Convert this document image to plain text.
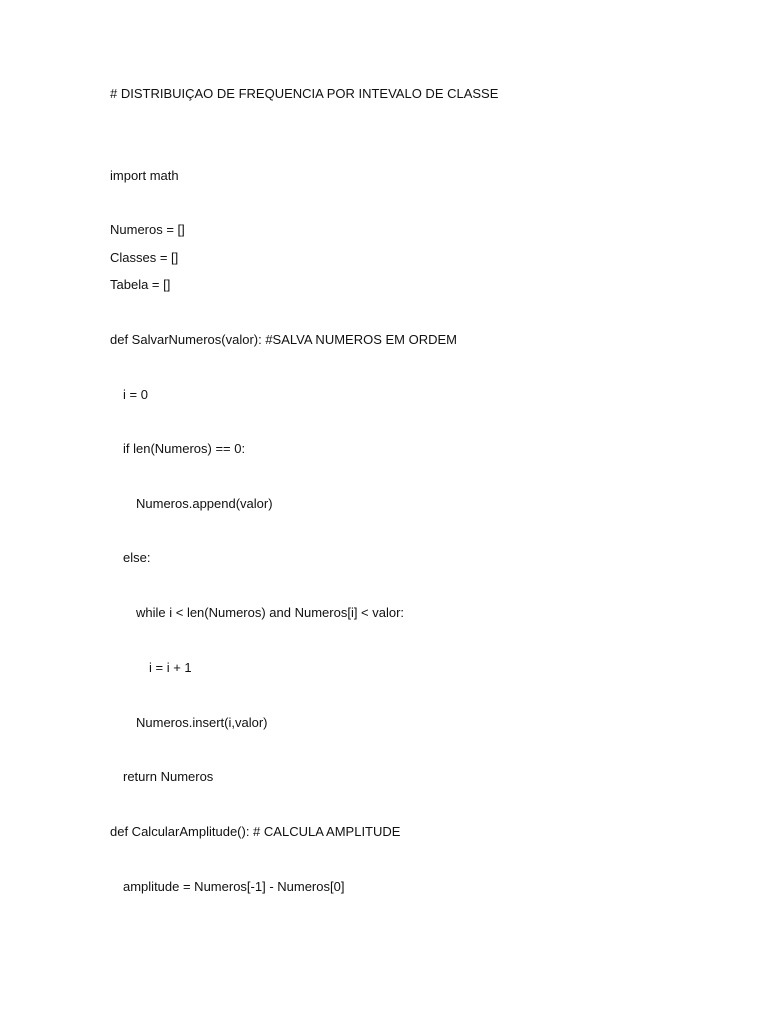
# DISTRIBUIÇAO DE FREQUENCIA POR INTEVALO DE CLASSE
import math
Numeros = []
Classes = []
Tabela = []
def SalvarNumeros(valor): #SALVA NUMEROS EM ORDEM
i = 0
if len(Numeros) == 0:
Numeros.append(valor)
else:
while i < len(Numeros) and Numeros[i] < valor:
i = i + 1
Numeros.insert(i,valor)
return Numeros
def CalcularAmplitude(): # CALCULA AMPLITUDE
amplitude = Numeros[-1] - Numeros[0]
